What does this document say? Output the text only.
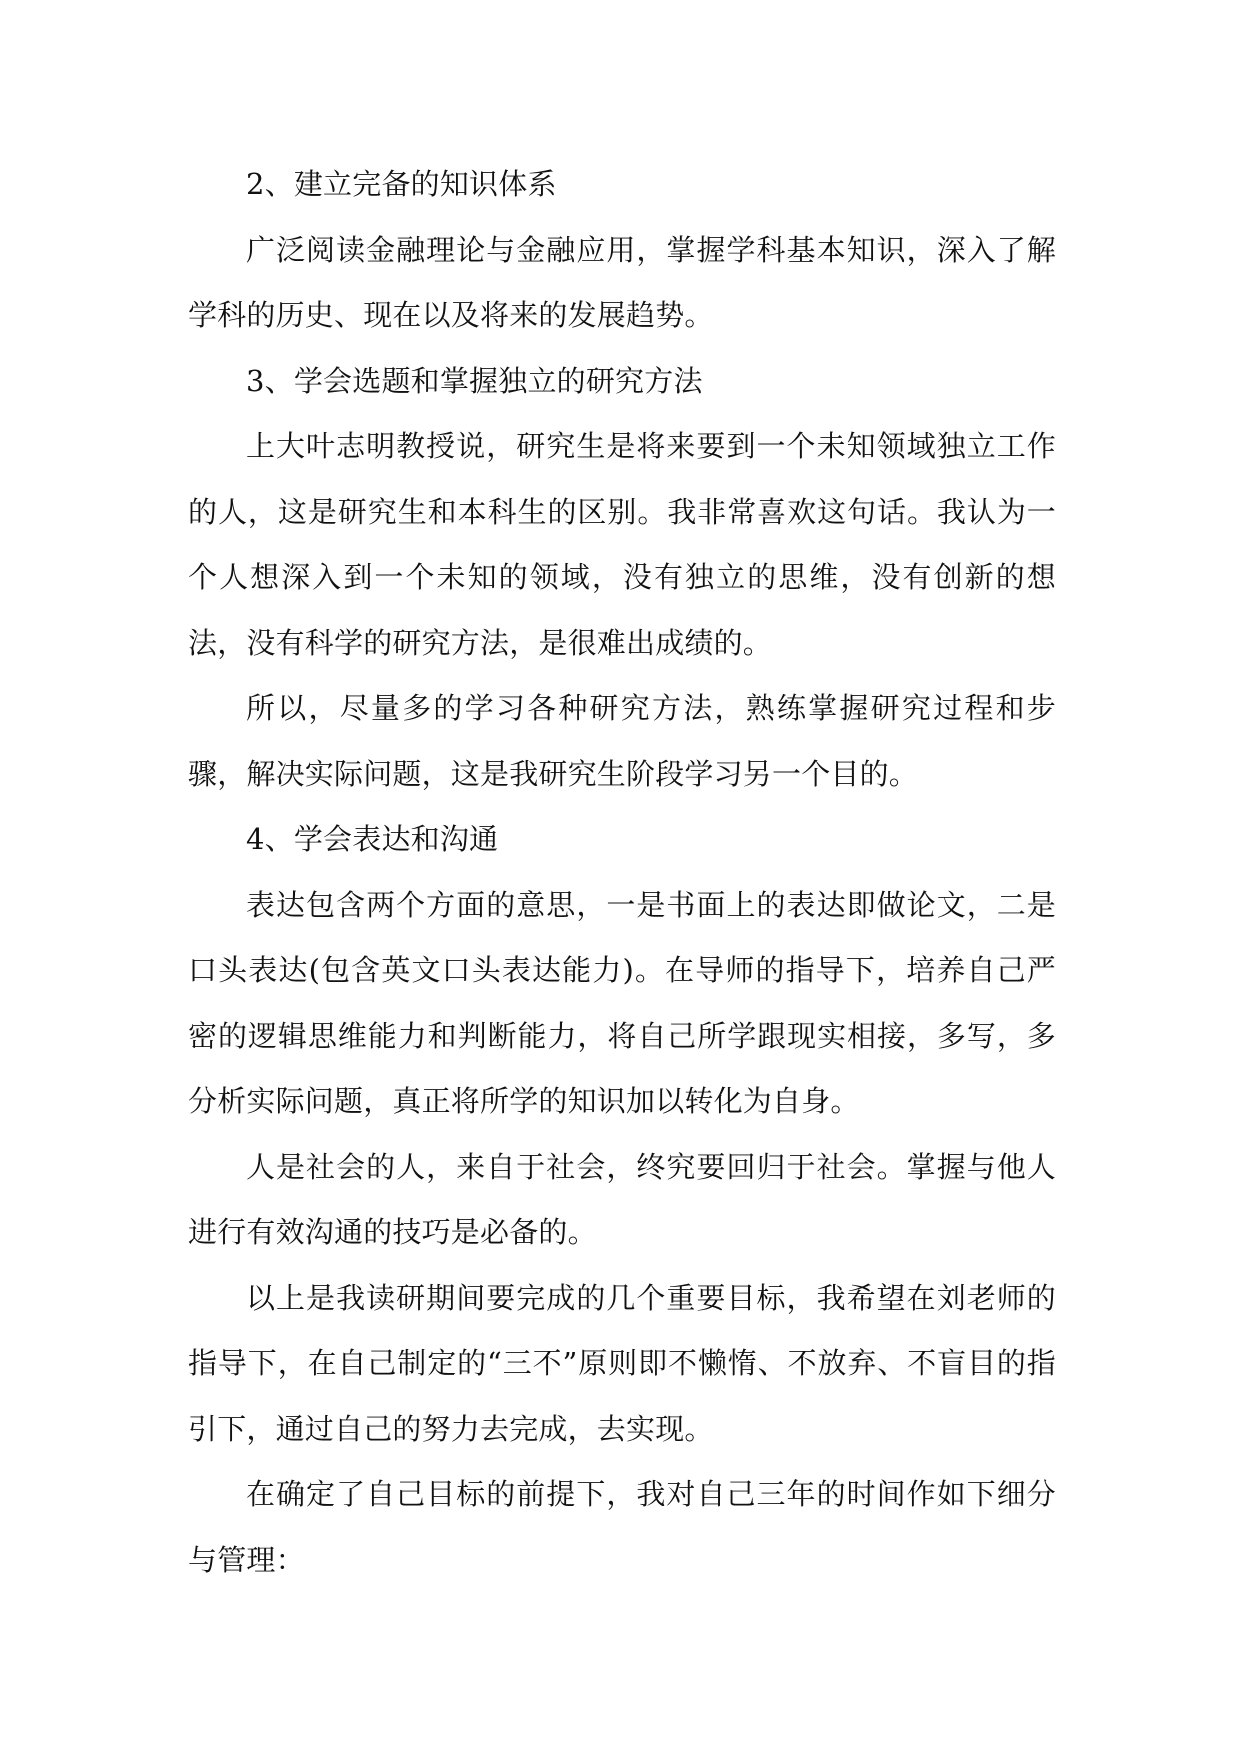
2、建立完备的知识体系

广泛阅读金融理论与金融应用，掌握学科基本知识，深入了解学科的历史、现在以及将来的发展趋势。

3、学会选题和掌握独立的研究方法

上大叶志明教授说，研究生是将来要到一个未知领域独立工作的人，这是研究生和本科生的区别。我非常喜欢这句话。我认为一个人想深入到一个未知的领域，没有独立的思维，没有创新的想法，没有科学的研究方法，是很难出成绩的。

所以，尽量多的学习各种研究方法，熟练掌握研究过程和步骤，解决实际问题，这是我研究生阶段学习另一个目的。

4、学会表达和沟通

表达包含两个方面的意思，一是书面上的表达即做论文，二是口头表达(包含英文口头表达能力)。在导师的指导下，培养自己严密的逻辑思维能力和判断能力，将自己所学跟现实相接，多写，多分析实际问题，真正将所学的知识加以转化为自身。

人是社会的人，来自于社会，终究要回归于社会。掌握与他人进行有效沟通的技巧是必备的。

以上是我读研期间要完成的几个重要目标，我希望在刘老师的指导下，在自己制定的“三不”原则即不懒惰、不放弃、不盲目的指引下，通过自己的努力去完成，去实现。

在确定了自己目标的前提下，我对自己三年的时间作如下细分与管理：
